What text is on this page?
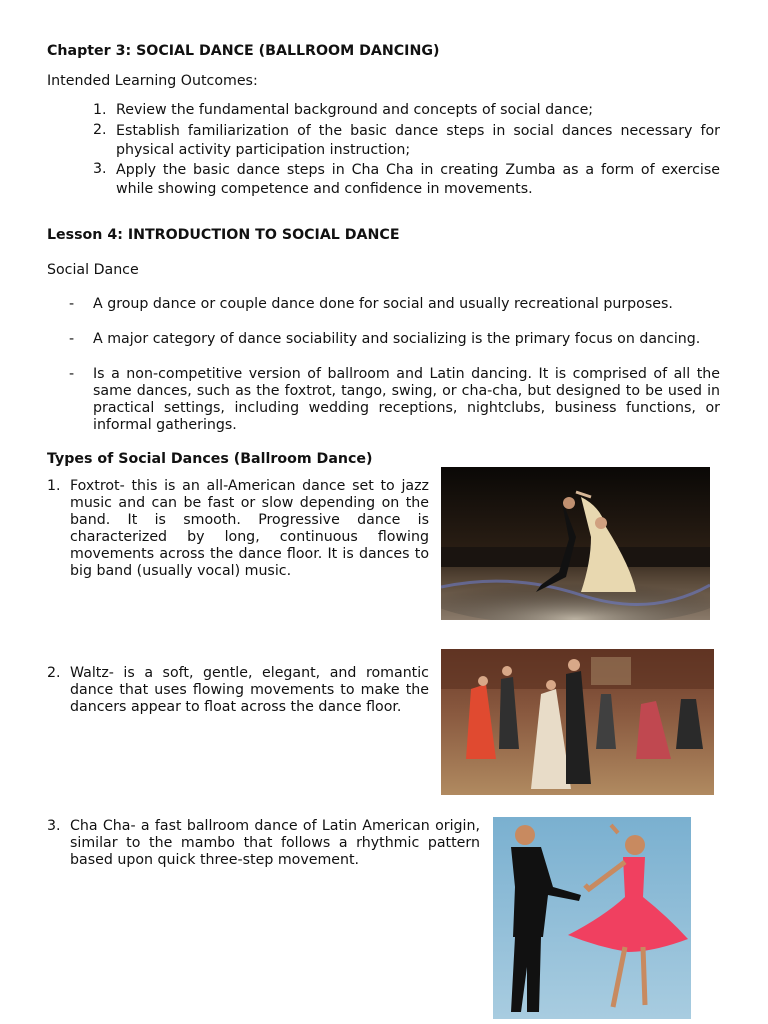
Chapter 3: SOCIAL DANCE (BALLROOM DANCING)
Intended Learning Outcomes:
1. Review the fundamental background and concepts of social dance;
2. Establish familiarization of the basic dance steps in social dances necessary for physical activity participation instruction;
3. Apply the basic dance steps in Cha Cha in creating Zumba as a form of exercise while showing competence and confidence in movements.
Lesson 4: INTRODUCTION TO SOCIAL DANCE
Social Dance
- A group dance or couple dance done for social and usually recreational purposes.
- A major category of dance sociability and socializing is the primary focus on dancing.
- Is a non-competitive version of ballroom and Latin dancing. It is comprised of all the same dances, such as the foxtrot, tango, swing, or cha-cha, but designed to be used in practical settings, including wedding receptions, nightclubs, business functions, or informal gatherings.
Types of Social Dances (Ballroom Dance)
1. Foxtrot- this is an all-American dance set to jazz music and can be fast or slow depending on the band. It is smooth. Progressive dance is characterized by long, continuous flowing movements across the dance floor. It is dances to big band (usually vocal) music.
2. Waltz- is a soft, gentle, elegant, and romantic dance that uses flowing movements to make the dancers appear to float across the dance floor.
3. Cha Cha- a fast ballroom dance of Latin American origin, similar to the mambo that follows a rhythmic pattern based upon quick three-step movement.
